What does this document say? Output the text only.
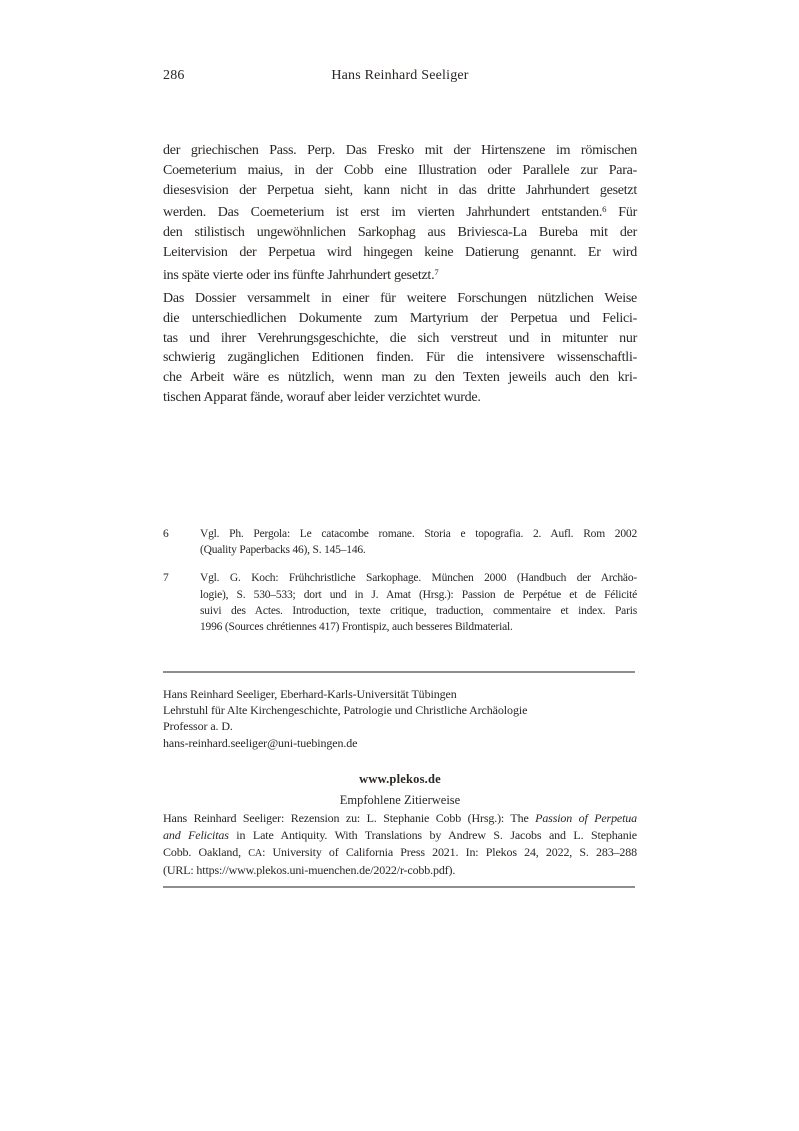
286	Hans Reinhard Seeliger
der griechischen Pass. Perp. Das Fresko mit der Hirtenszene im römischen
Coemeterium maius, in der Cobb eine Illustration oder Parallele zur Para-
diesesvision der Perpetua sieht, kann nicht in das dritte Jahrhundert gesetzt
werden. Das Coemeterium ist erst im vierten Jahrhundert entstanden.$^6$ Für
den stilistisch ungewöhnlichen Sarkophag aus Briviesca-La Bureba mit der
Leitervision der Perpetua wird hingegen keine Datierung genannt. Er wird
ins späte vierte oder ins fünfte Jahrhundert gesetzt.$^7$
Das Dossier versammelt in einer für weitere Forschungen nützlichen Weise
die unterschiedlichen Dokumente zum Martyrium der Perpetua und Felici-
tas und ihrer Verehrungsgeschichte, die sich verstreut und in mitunter nur
schwierig zugänglichen Editionen finden. Für die intensivere wissenschaftli-
che Arbeit wäre es nützlich, wenn man zu den Texten jeweils auch den kri-
tischen Apparat fände, worauf aber leider verzichtet wurde.
6	Vgl. Ph. Pergola: Le catacombe romane. Storia e topografia. 2. Aufl. Rom 2002
(Quality Paperbacks 46), S. 145–146.
7	Vgl. G. Koch: Frühchristliche Sarkophage. München 2000 (Handbuch der Archäo-
logie), S. 530–533; dort und in J. Amat (Hrsg.): Passion de Perpétue et de Félicité
suivi des Actes. Introduction, texte critique, traduction, commentaire et index. Paris
1996 (Sources chrétiennes 417) Frontispiz, auch besseres Bildmaterial.
Hans Reinhard Seeliger, Eberhard-Karls-Universität Tübingen
Lehrstuhl für Alte Kirchengeschichte, Patrologie und Christliche Archäologie
Professor a. D.
hans-reinhard.seeliger@uni-tuebingen.de
www.plekos.de
Empfohlene Zitierweise
Hans Reinhard Seeliger: Rezension zu: L. Stephanie Cobb (Hrsg.): The Passion of Perpetua
and Felicitas in Late Antiquity. With Translations by Andrew S. Jacobs and L. Stephanie
Cobb. Oakland, CA: University of California Press 2021. In: Plekos 24, 2022, S. 283–288
(URL: https://www.plekos.uni-muenchen.de/2022/r-cobb.pdf).
